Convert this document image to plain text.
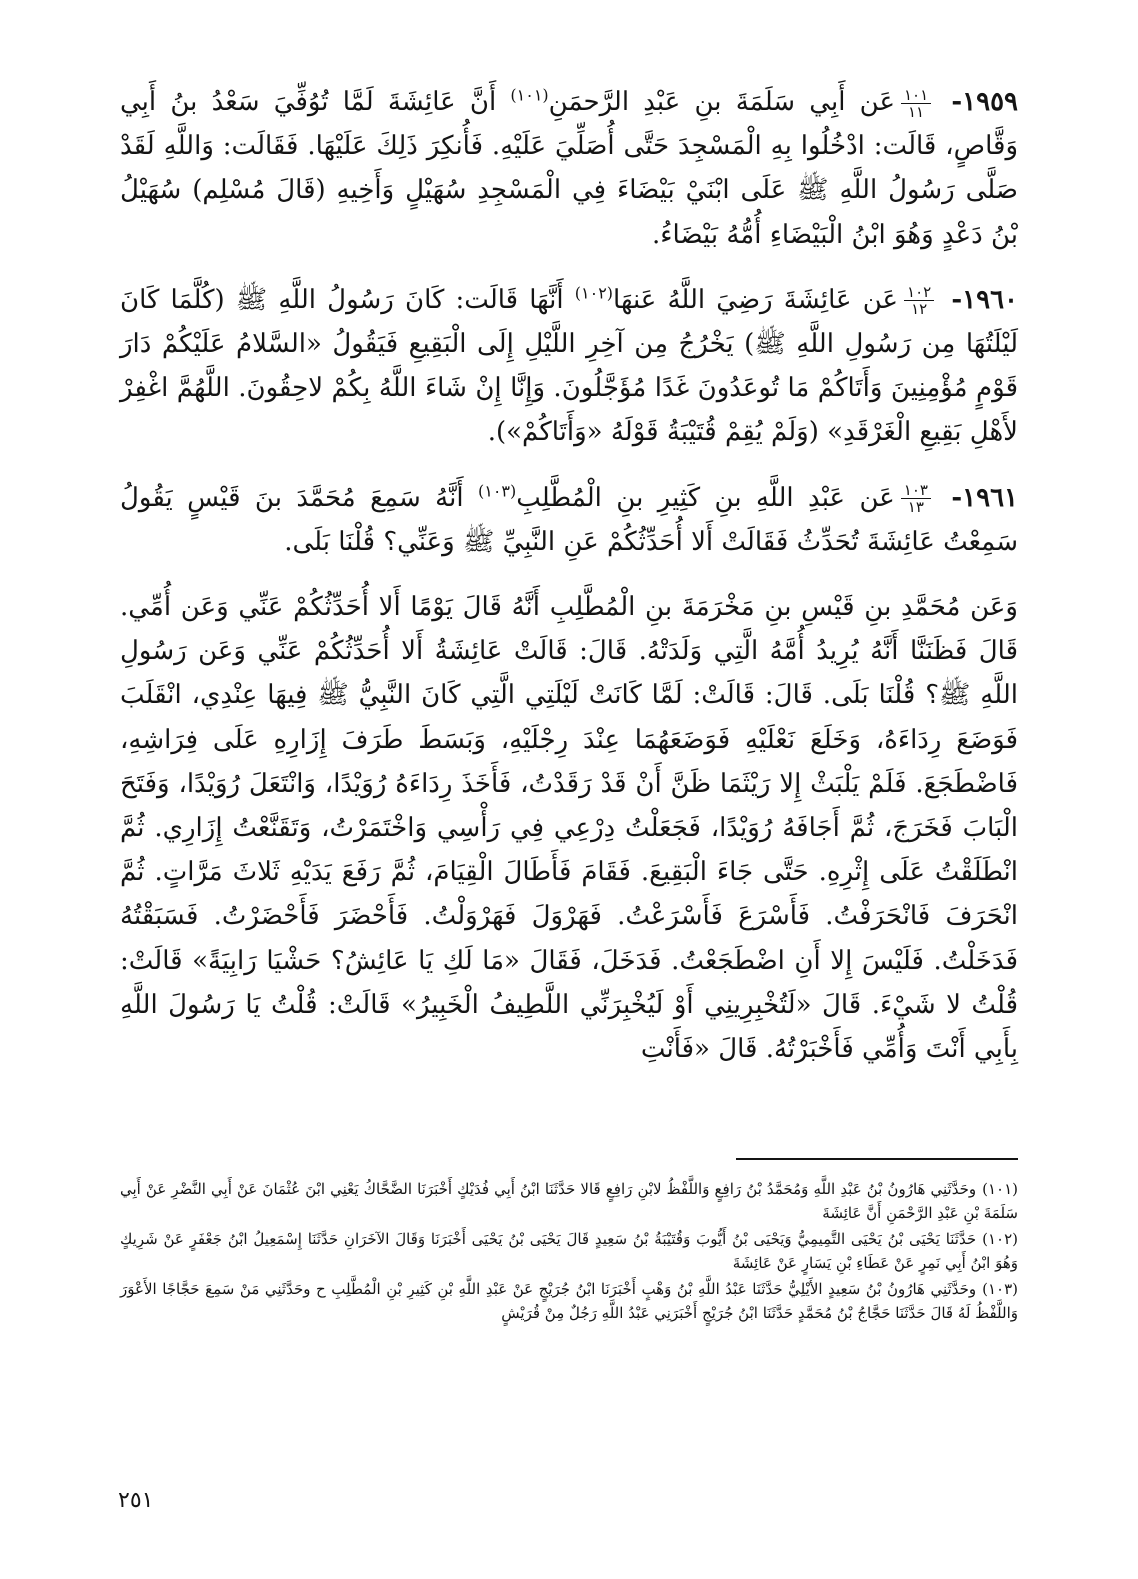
١٩٥٩-
$\frac{١٠١}{١١}$
عَن أَبِي سَلَمَةَ بنِ عَبْدِ الرَّحمَنِ$^{(١٠١)}$ أَنَّ عَائِشَةَ لَمَّا تُوُفِّيَ سَعْدُ بنُ أَبِي وَقَّاصٍ، قَالَت: ادْخُلُوا بِهِ الْمَسْجِدَ حَتَّى أُصَلِّيَ عَلَيْهِ. فَأُنكِرَ ذَلِكَ عَلَيْهَا. فَقَالَت: وَاللَّهِ لَقَدْ صَلَّى رَسُولُ اللَّهِ ﷺ عَلَى ابْنَيْ بَيْضَاءَ فِي الْمَسْجِدِ سُهَيْلٍ وَأَخِيهِ (قَالَ مُسْلِم) سُهَيْلُ بْنُ دَعْدٍ وَهُوَ ابْنُ الْبَيْضَاءِ أُمُّهُ بَيْضَاءُ.

١٩٦٠-
$\frac{١٠٢}{١٢}$
عَن عَائِشَةَ رَضِيَ اللَّهُ عَنهَا$^{(١٠٢)}$ أَنَّهَا قَالَت: كَانَ رَسُولُ اللَّهِ ﷺ (كُلَّمَا كَانَ لَيْلَتُهَا مِن رَسُولِ اللَّهِ ﷺ) يَخْرُجُ مِن آخِرِ اللَّيْلِ إِلَى الْبَقِيعِ فَيَقُولُ «السَّلامُ عَلَيْكُمْ دَارَ قَوْمٍ مُؤْمِنِينَ وَأَتَاكُمْ مَا تُوعَدُونَ غَدًا مُؤَجَّلُونَ. وَإِنَّا إِنْ شَاءَ اللَّهُ بِكُمْ لاحِقُونَ. اللَّهُمَّ اغْفِرْ لأَهْلِ بَقِيعِ الْغَرْقَدِ» (وَلَمْ يُقِمْ قُتَيْبَةُ قَوْلَهُ «وَأَتَاكُمْ»).

١٩٦١-
$\frac{١٠٣}{١٣}$
عَن عَبْدِ اللَّهِ بنِ كَثِيرِ بنِ الْمُطَّلِبِ$^{(١٠٣)}$ أَنَّهُ سَمِعَ مُحَمَّدَ بنَ قَيْسٍ يَقُولُ سَمِعْتُ عَائِشَةَ تُحَدِّثُ فَقَالَتْ أَلا أُحَدِّثُكُمْ عَنِ النَّبِيِّ ﷺ وَعَنِّي؟ قُلْنَا بَلَى.

وَعَن مُحَمَّدِ بنِ قَيْسِ بنِ مَخْرَمَةَ بنِ الْمُطَّلِبِ أَنَّهُ قَالَ يَوْمًا أَلا أُحَدِّثُكُمْ عَنِّي وَعَن أُمِّي. قَالَ فَظَنَنَّا أَنَّهُ يُرِيدُ أُمَّهُ الَّتِي وَلَدَتْهُ. قَالَ: قَالَتْ عَائِشَةُ أَلا أُحَدِّثُكُمْ عَنِّي وَعَن رَسُولِ اللَّهِ ﷺ؟ قُلْنَا بَلَى. قَالَ: قَالَتْ: لَمَّا كَانَتْ لَيْلَتِي الَّتِي كَانَ النَّبِيُّ ﷺ فِيهَا عِنْدِي، انْقَلَبَ فَوَضَعَ رِدَاءَهُ، وَخَلَعَ نَعْلَيْهِ فَوَضَعَهُمَا عِنْدَ رِجْلَيْهِ، وَبَسَطَ طَرَفَ إِزَارِهِ عَلَى فِرَاشِهِ، فَاضْطَجَعَ. فَلَمْ يَلْبَثْ إِلا رَيْثَمَا ظَنَّ أَنْ قَدْ رَقَدْتُ، فَأَخَذَ رِدَاءَهُ رُوَيْدًا، وَانْتَعَلَ رُوَيْدًا، وَفَتَحَ الْبَابَ فَخَرَجَ، ثُمَّ أَجَافَهُ رُوَيْدًا، فَجَعَلْتُ دِرْعِي فِي رَأْسِي وَاخْتَمَرْتُ، وَتَقَنَّعْتُ إِزَارِي. ثُمَّ انْطَلَقْتُ عَلَى إِثْرِهِ. حَتَّى جَاءَ الْبَقِيعَ. فَقَامَ فَأَطَالَ الْقِيَامَ، ثُمَّ رَفَعَ يَدَيْهِ ثَلاثَ مَرَّاتٍ. ثُمَّ انْحَرَفَ فَانْحَرَفْتُ. فَأَسْرَعَ فَأَسْرَعْتُ. فَهَرْوَلَ فَهَرْوَلْتُ. فَأَحْضَرَ فَأَحْضَرْتُ. فَسَبَقْتُهُ فَدَخَلْتُ. فَلَيْسَ إِلا أَنِ اضْطَجَعْتُ. فَدَخَلَ، فَقَالَ «مَا لَكِ يَا عَائِشُ؟ حَشْيَا رَابِيَةً» قَالَتْ: قُلْتُ لا شَيْءَ. قَالَ «لَتُخْبِرِينِي أَوْ لَيُخْبِرَنِّي اللَّطِيفُ الْخَبِيرُ» قَالَتْ: قُلْتُ يَا رَسُولَ اللَّهِ بِأَبِي أَنْتَ وَأُمِّي فَأَخْبَرْتُهُ. قَالَ «فَأَنْتِ

(١٠١)وحَدَّثَنِي هَارُونُ بْنُ عَبْدِ اللَّهِ وَمُحَمَّدُ بْنُ رَافِعٍ وَاللَّفْظُ لابْنِ رَافِعٍ قَالا حَدَّثَنَا ابْنُ أَبِي فُدَيْكٍ أَخْبَرَنَا الضَّحَّاكُ يَعْنِي ابْنَ عُثْمَانَ عَنْ أَبِي النَّضْرِ عَنْ أَبِي سَلَمَةَ بْنِ عَبْدِ الرَّحْمَنِ أَنَّ عَائِشَةَ
(١٠٢)حَدَّثَنَا يَحْيَى بْنُ يَحْيَى التَّمِيمِيُّ وَيَحْيَى بْنُ أَيُّوبَ وَقُتَيْبَةُ بْنُ سَعِيدٍ قَالَ يَحْيَى بْنُ يَحْيَى أَخْبَرَنَا وَقَالَ الآخَرَانِ حَدَّثَنَا إِسْمَعِيلُ ابْنُ جَعْفَرٍ عَنْ شَرِيكٍ وَهُوَ ابْنُ أَبِي نَمِرٍ عَنْ عَطَاءِ بْنِ يَسَارٍ عَنْ عَائِشَةَ
(١٠٣)وحَدَّثَنِي هَارُونُ بْنُ سَعِيدٍ الأَيْلِيُّ حَدَّثَنَا عَبْدُ اللَّهِ بْنُ وَهْبٍ أَخْبَرَنَا ابْنُ جُرَيْجٍ عَنْ عَبْدِ اللَّهِ بْنِ كَثِيرِ بْنِ الْمُطَّلِبِ ح وحَدَّثَنِي مَنْ سَمِعَ حَجَّاجًا الأَعْوَرَ وَاللَّفْظُ لَهُ قَالَ حَدَّثَنَا حَجَّاجُ بْنُ مُحَمَّدٍ حَدَّثَنَا ابْنُ جُرَيْجٍ أَخْبَرَنِي عَبْدُ اللَّهِ رَجُلٌ مِنْ قُرَيْشٍ
٢٥١
